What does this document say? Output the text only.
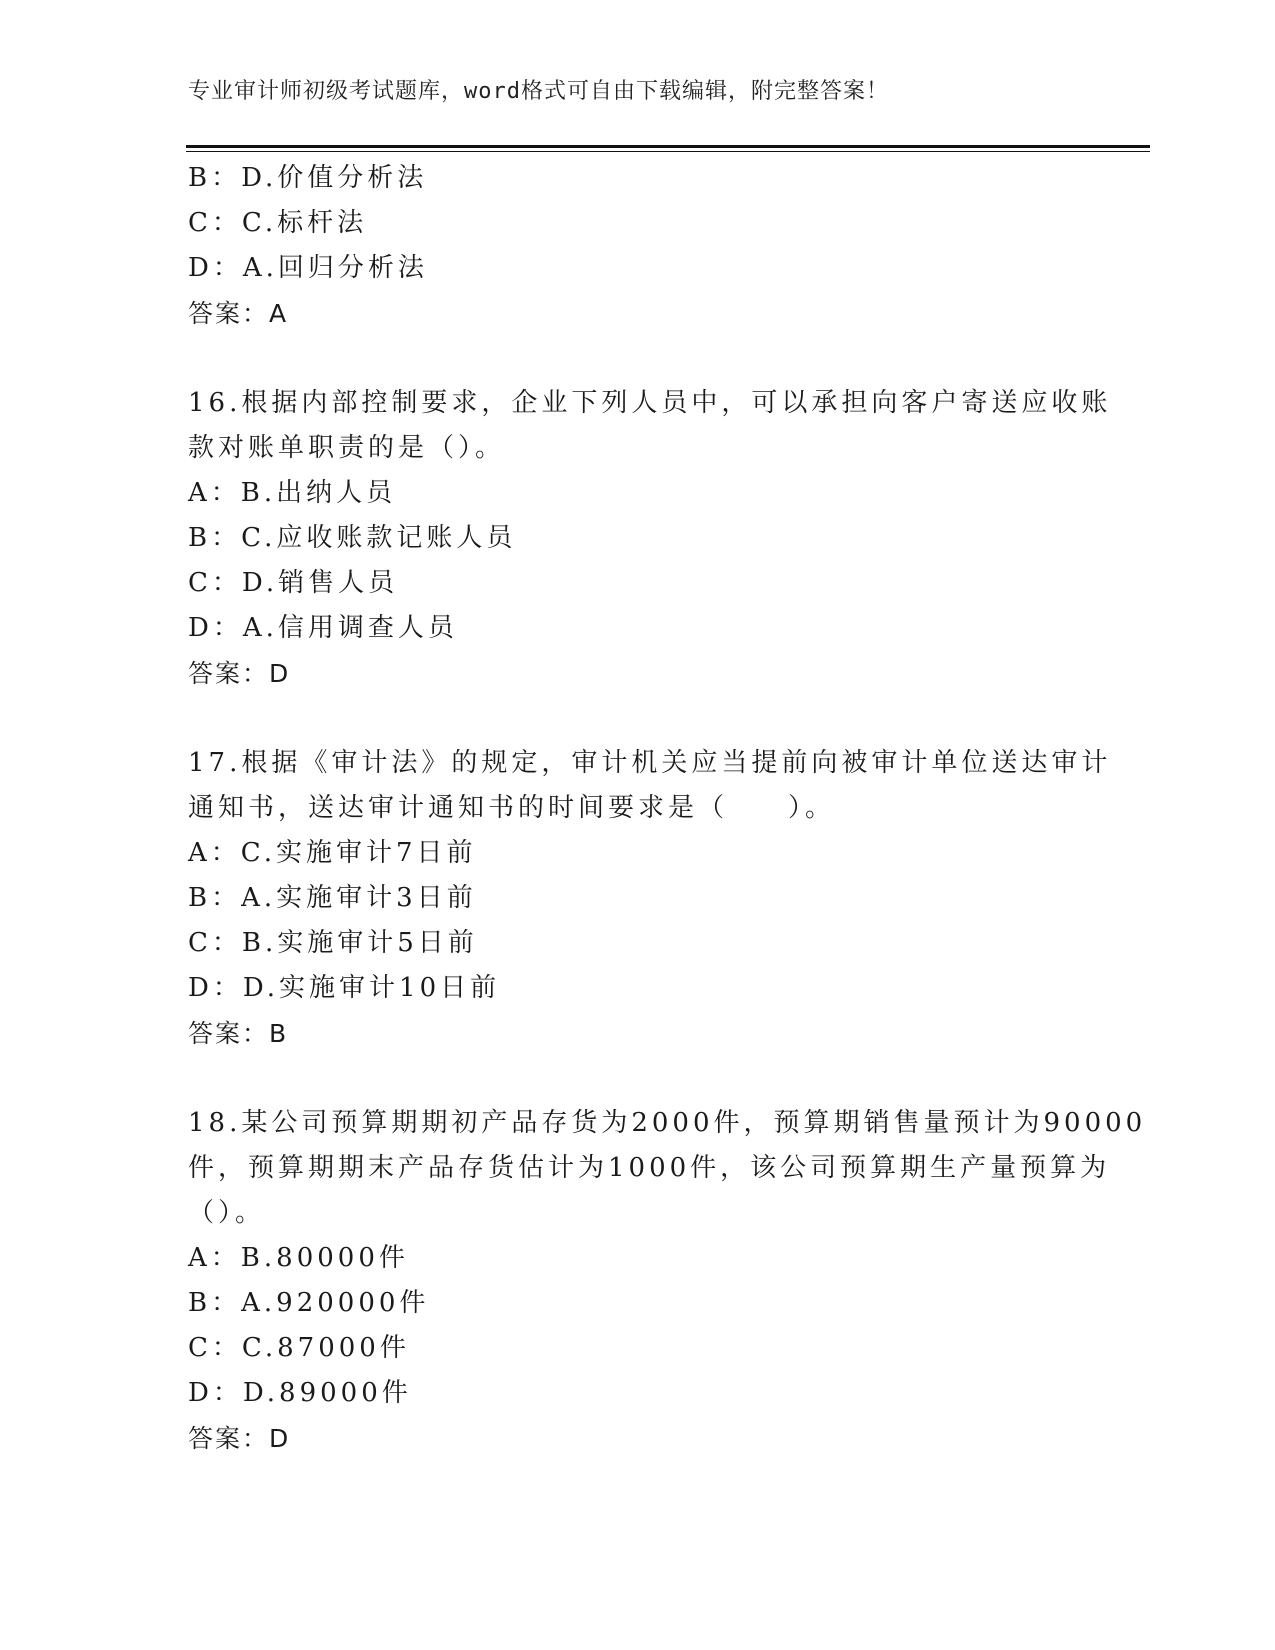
专业审计师初级考试题库，word格式可自由下载编辑，附完整答案！
B：D.价值分析法
C：C.标杆法
D：A.回归分析法
答案：A
16.根据内部控制要求，企业下列人员中，可以承担向客户寄送应收账
款对账单职责的是（）。
A：B.出纳人员
B：C.应收账款记账人员
C：D.销售人员
D：A.信用调查人员
答案：D
17.根据《审计法》的规定，审计机关应当提前向被审计单位送达审计
通知书，送达审计通知书的时间要求是（　　）。
A：C.实施审计7日前
B：A.实施审计3日前
C：B.实施审计5日前
D：D.实施审计10日前
答案：B
18.某公司预算期期初产品存货为2000件，预算期销售量预计为90000
件，预算期期末产品存货估计为1000件，该公司预算期生产量预算为
（）。
A：B.80000件
B：A.920000件
C：C.87000件
D：D.89000件
答案：D
